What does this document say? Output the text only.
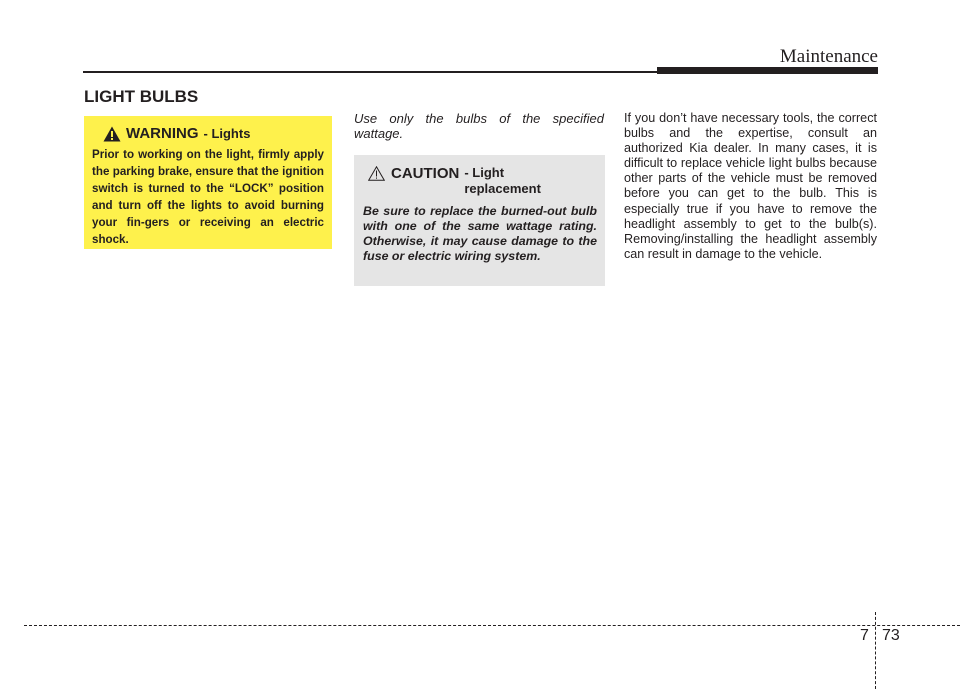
Maintenance
LIGHT BULBS
WARNING - Lights
Prior to working on the light, firmly apply the parking brake, ensure that the ignition switch is turned to the “LOCK” position and turn off the lights to avoid burning your fin-gers or receiving an electric shock.
Use only the bulbs of the specified wattage.
CAUTION - Light replacement
Be sure to replace the burned-out bulb with one of the same wattage rating. Otherwise, it may cause damage to the fuse or electric wiring system.
If you don’t have necessary tools, the correct bulbs and the expertise, consult an authorized Kia dealer. In many cases, it is difficult to replace vehicle light bulbs because other parts of the vehicle must be removed before you can get to the bulb. This is especially true if you have to remove the headlight assembly to get to the bulb(s). Removing/installing the headlight assembly can result in damage to the vehicle.
7 73
